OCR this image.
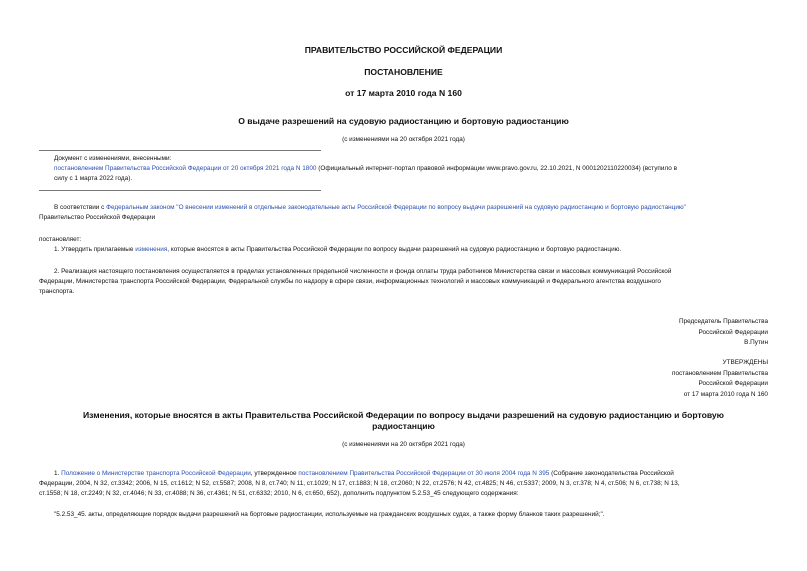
ПРАВИТЕЛЬСТВО РОССИЙСКОЙ ФЕДЕРАЦИИ
ПОСТАНОВЛЕНИЕ
от 17 марта 2010 года N 160
О выдаче разрешений на судовую радиостанцию и бортовую радиостанцию
(с изменениями на 20 октября 2021 года)
Документ с изменениями, внесенными:
постановлением Правительства Российской Федерации от 20 октября 2021 года N 1800 (Официальный интернет-портал правовой информации www.pravo.gov.ru, 22.10.2021, N 0001202110220034) (вступило в
силу с 1 марта 2022 года).
В соответствии с Федеральным законом "О внесении изменений в отдельные законодательные акты Российской Федерации по вопросу выдачи разрешений на судовую радиостанцию и бортовую радиостанцию"
Правительство Российской Федерации
постановляет:
1. Утвердить прилагаемые изменения, которые вносятся в акты Правительства Российской Федерации по вопросу выдачи разрешений на судовую радиостанцию и бортовую радиостанцию.
2. Реализация настоящего постановления осуществляется в пределах установленных предельной численности и фонда оплаты труда работников Министерства связи и массовых коммуникаций Российской
Федерации, Министерства транспорта Российской Федерации, Федеральной службы по надзору в сфере связи, информационных технологий и массовых коммуникаций и Федерального агентства воздушного
транспорта.
Председатель Правительства
Российской Федерации
В.Путин
УТВЕРЖДЕНЫ
постановлением Правительства
Российской Федерации
от 17 марта 2010 года N 160
Изменения, которые вносятся в акты Правительства Российской Федерации по вопросу выдачи разрешений на судовую радиостанцию и бортовую
радиостанцию
(с изменениями на 20 октября 2021 года)
1. Положение о Министерстве транспорта Российской Федерации, утвержденное постановлением Правительства Российской Федерации от 30 июля 2004 года N 395 (Собрание законодательства Российской
Федерации, 2004, N 32, ст.3342; 2006, N 15, ст.1612; N 52, ст.5587; 2008, N 8, ст.740; N 11, ст.1029; N 17, ст.1883; N 18, ст.2060; N 22, ст.2576; N 42, ст.4825; N 46, ст.5337; 2009, N 3, ст.378; N 4, ст.506; N 6, ст.738; N 13,
ст.1558; N 18, ст.2249; N 32, ст.4046; N 33, ст.4088; N 36, ст.4361; N 51, ст.6332; 2010, N 6, ст.650, 652), дополнить подпунктом 5.2.53_45 следующего содержания:
"5.2.53_45. акты, определяющие порядок выдачи разрешений на бортовые радиостанции, используемые на гражданских воздушных судах, а также форму бланков таких разрешений;".
